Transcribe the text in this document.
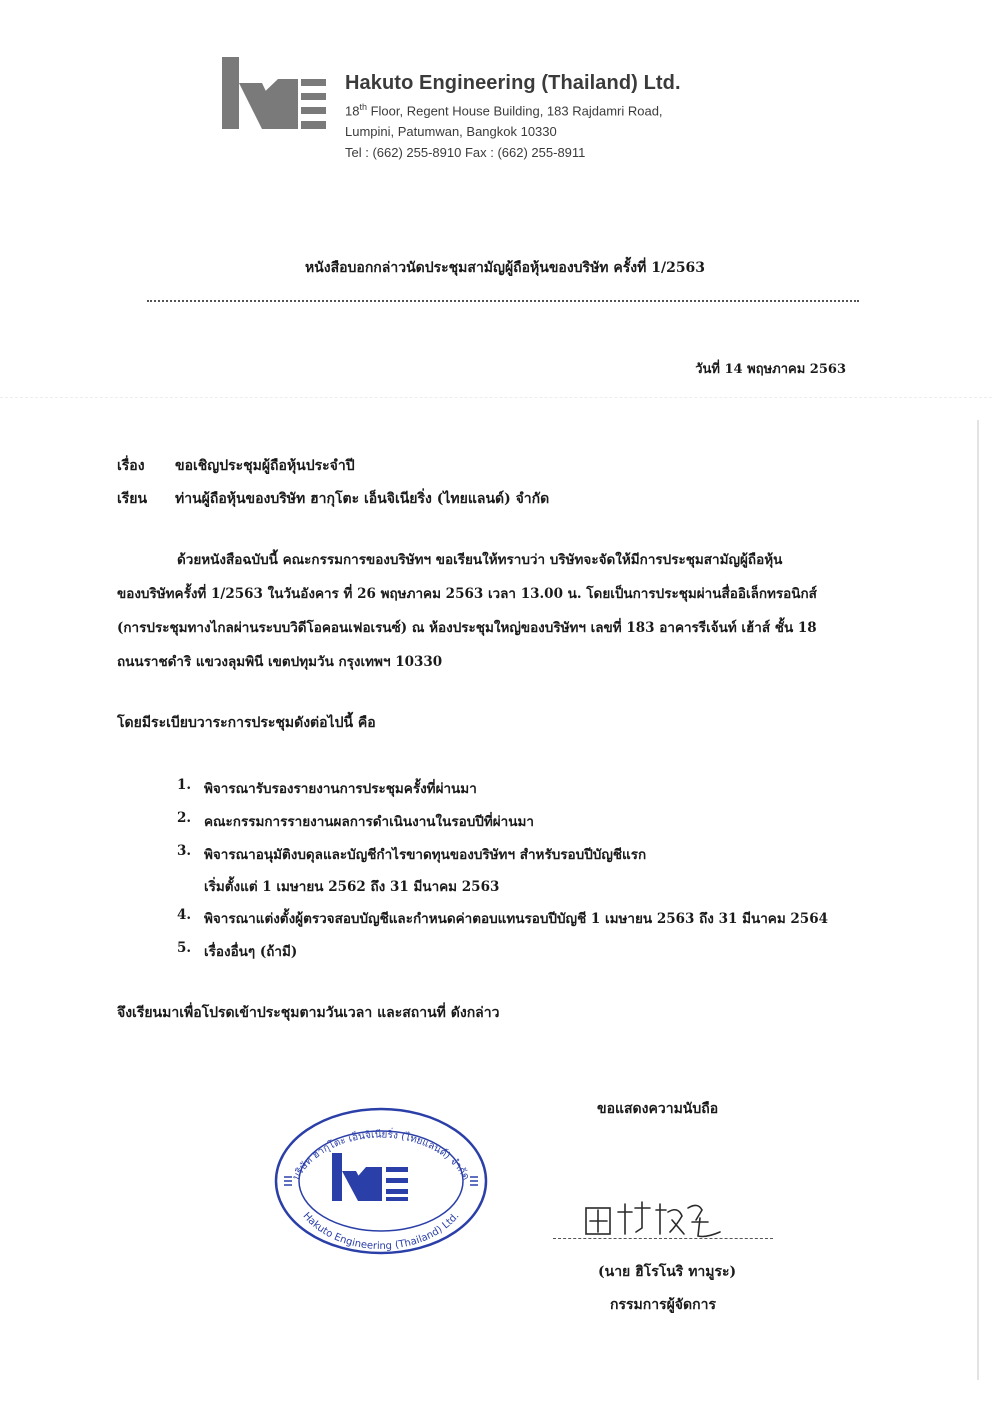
Hakuto Engineering (Thailand) Ltd.
18th Floor, Regent House Building, 183 Rajdamri Road,
Lumpini, Patumwan, Bangkok 10330
Tel : (662) 255-8910 Fax : (662) 255-8911
หนังสือบอกกล่าวนัดประชุมสามัญผู้ถือหุ้นของบริษัท ครั้งที่ 1/2563
วันที่ 14 พฤษภาคม 2563
เรื่อง ขอเชิญประชุมผู้ถือหุ้นประจำปี
เรียน ท่านผู้ถือหุ้นของบริษัท ฮากุโตะ เอ็นจิเนียริ่ง (ไทยแลนด์) จำกัด
ด้วยหนังสือฉบับนี้ คณะกรรมการของบริษัทฯ ขอเรียนให้ทราบว่า บริษัทจะจัดให้มีการประชุมสามัญผู้ถือหุ้น
ของบริษัทครั้งที่ 1/2563 ในวันอังคาร ที่ 26 พฤษภาคม 2563 เวลา 13.00 น. โดยเป็นการประชุมผ่านสื่ออิเล็กทรอนิกส์
(การประชุมทางไกลผ่านระบบวิดีโอคอนเฟอเรนซ์) ณ ห้องประชุมใหญ่ของบริษัทฯ เลขที่ 183 อาคารรีเจ้นท์ เฮ้าส์ ชั้น 18
ถนนราชดำริ แขวงลุมพินี เขตปทุมวัน กรุงเทพฯ 10330
โดยมีระเบียบวาระการประชุมดังต่อไปนี้ คือ
1. พิจารณารับรองรายงานการประชุมครั้งที่ผ่านมา
2. คณะกรรมการรายงานผลการดำเนินงานในรอบปีที่ผ่านมา
3. พิจารณาอนุมัติงบดุลและบัญชีกำไรขาดทุนของบริษัทฯ สำหรับรอบปีบัญชีแรก
เริ่มตั้งแต่ 1 เมษายน 2562 ถึง 31 มีนาคม 2563
4. พิจารณาแต่งตั้งผู้ตรวจสอบบัญชีและกำหนดค่าตอบแทนรอบปีบัญชี 1 เมษายน 2563 ถึง 31 มีนาคม 2564
5. เรื่องอื่นๆ (ถ้ามี)
จึงเรียนมาเพื่อโปรดเข้าประชุมตามวันเวลา และสถานที่ ดังกล่าว
ขอแสดงความนับถือ
บริษัท ฮากุโตะ เอ็นจิเนียริ่ง (ไทยแลนด์) จำกัด
Hakuto Engineering (Thailand) Ltd.
(นาย ฮิโรโนริ ทามูระ)
กรรมการผู้จัดการ
